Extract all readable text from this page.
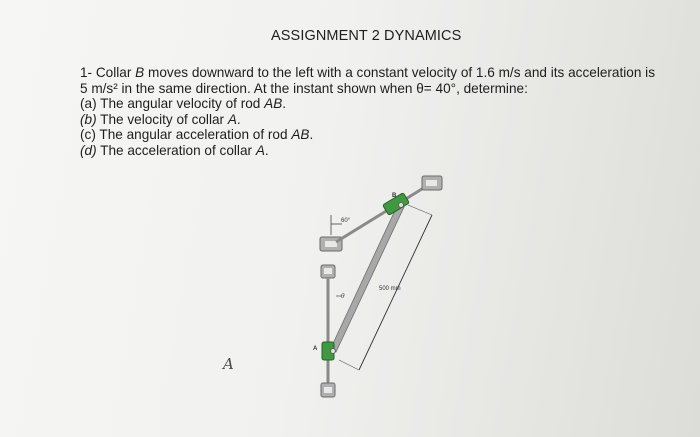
ASSIGNMENT 2 DYNAMICS
1- Collar B moves downward to the left with a constant velocity of 1.6 m/s and its acceleration is 5 m/s² in the same direction. At the instant shown when θ= 40°, determine:
(a) The angular velocity of rod AB.
(b) The velocity of collar A.
(c) The angular acceleration of rod AB.
(d) The acceleration of collar A.
60°
B
A
θ
500 mm
A
